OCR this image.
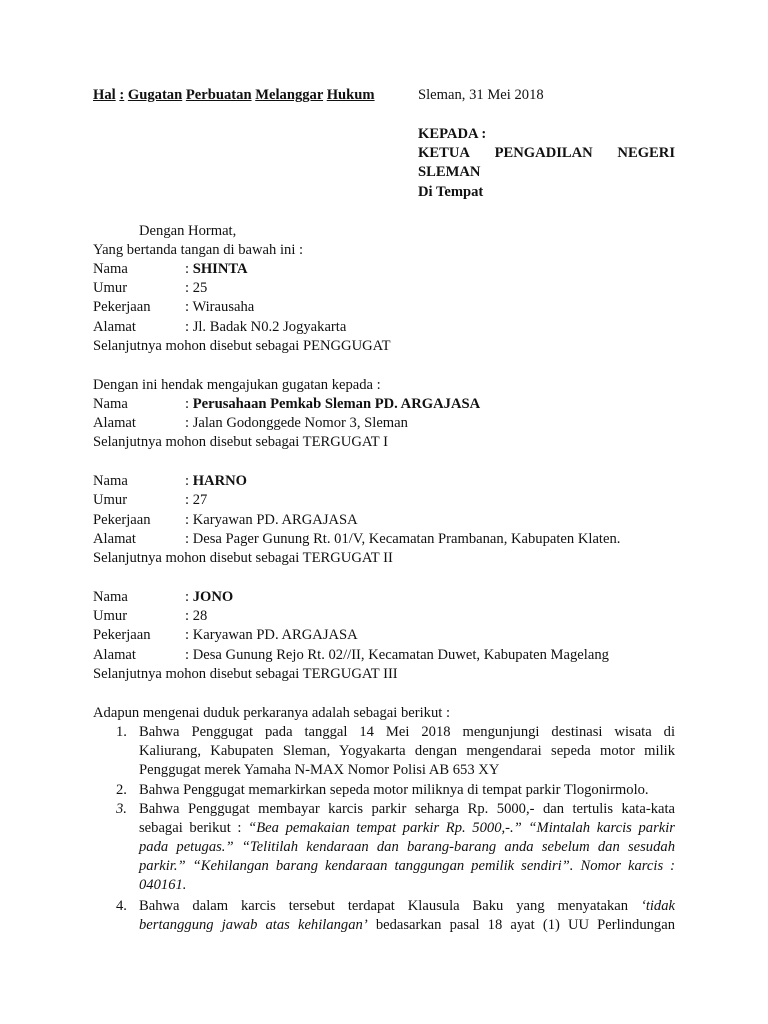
Hal : Gugatan Perbuatan Melanggar Hukum	Sleman, 31 Mei 2018
KEPADA :
KETUA PENGADILAN NEGERI
SLEMAN
Di Tempat
Dengan Hormat,
Yang bertanda tangan di bawah ini :
Nama	: SHINTA
Umur	: 25
Pekerjaan : Wirausaha
Alamat	: Jl. Badak N0.2 Jogyakarta
Selanjutnya mohon disebut sebagai PENGGUGAT
Dengan ini hendak mengajukan gugatan kepada :
Nama	: Perusahaan Pemkab Sleman PD. ARGAJASA
Alamat	: Jalan Godonggede Nomor 3, Sleman
Selanjutnya mohon disebut sebagai TERGUGAT I
Nama	: HARNO
Umur	: 27
Pekerjaan : Karyawan PD. ARGAJASA
Alamat	: Desa Pager Gunung Rt. 01/V, Kecamatan Prambanan, Kabupaten Klaten.
Selanjutnya mohon disebut sebagai TERGUGAT II
Nama	: JONO
Umur	: 28
Pekerjaan : Karyawan PD. ARGAJASA
Alamat	: Desa Gunung Rejo Rt. 02//II, Kecamatan Duwet, Kabupaten Magelang
Selanjutnya mohon disebut sebagai TERGUGAT III
Adapun mengenai duduk perkaranya adalah sebagai berikut :
1. Bahwa Penggugat pada tanggal 14 Mei 2018 mengunjungi destinasi wisata di
Kaliurang, Kabupaten Sleman, Yogyakarta dengan mengendarai sepeda motor milik
Penggugat merek Yamaha N-MAX Nomor Polisi AB 653 XY
2. Bahwa Penggugat memarkirkan sepeda motor miliknya di tempat parkir Tlogonirmolo.
3. Bahwa Penggugat membayar karcis parkir seharga Rp. 5000,- dan tertulis kata-kata
sebagai berikut : “Bea pemakaian tempat parkir Rp. 5000,-.” “Mintalah karcis parkir
pada petugas.” “Telitilah kendaraan dan barang-barang anda sebelum dan sesudah
parkir.” “Kehilangan barang kendaraan tanggungan pemilik sendiri”. Nomor karcis :
040161.
4. Bahwa dalam karcis tersebut terdapat Klausula Baku yang menyatakan ‘tidak
bertanggung jawab atas kehilangan’ bedasarkan pasal 18 ayat (1) UU Perlindungan
